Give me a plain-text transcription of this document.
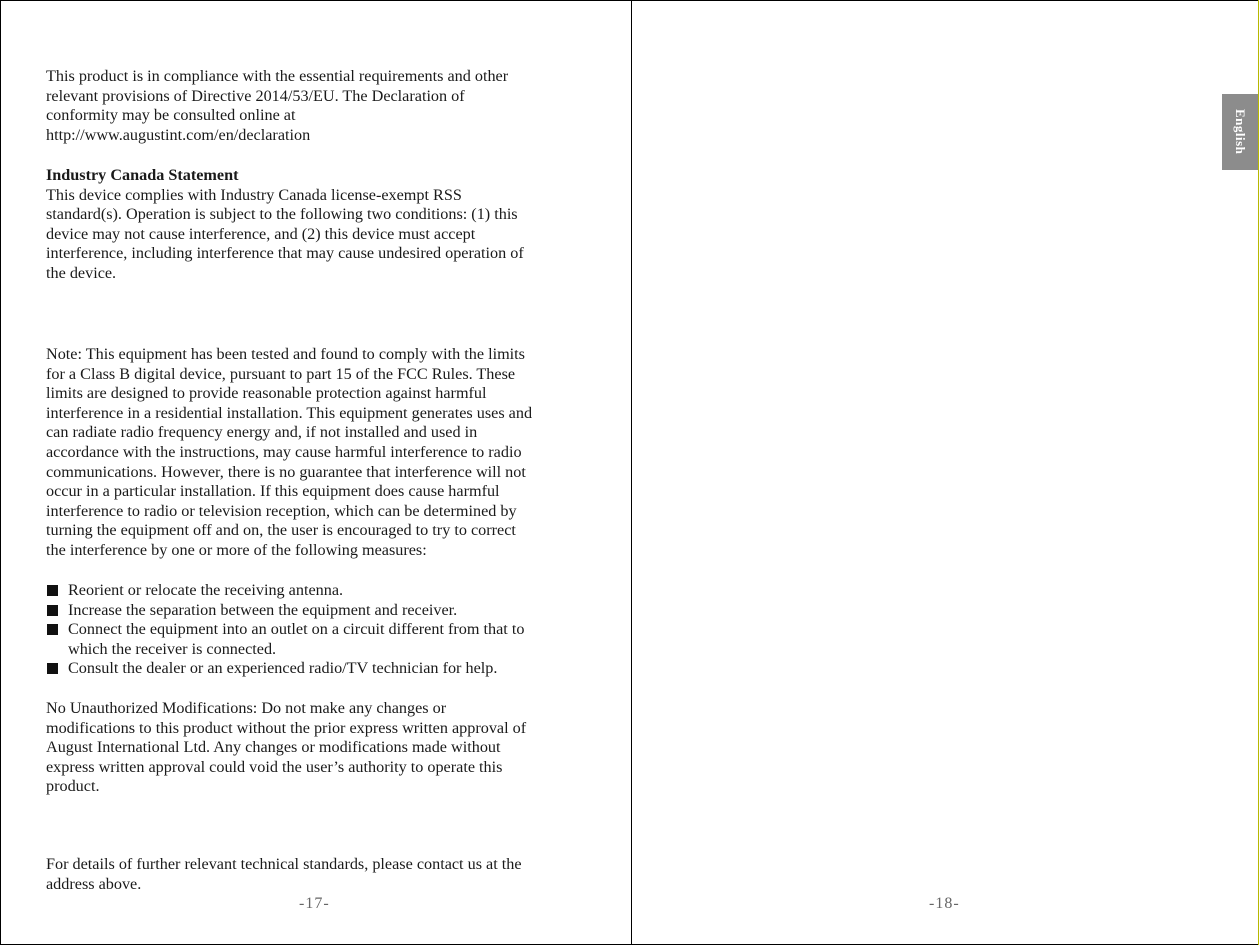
This product is in compliance with the essential requirements and other
relevant provisions of Directive 2014/53/EU. The Declaration of
conformity may be consulted online at
http://www.augustint.com/en/declaration
Industry Canada Statement
This device complies with Industry Canada license-exempt RSS
standard(s). Operation is subject to the following two conditions: (1) this
device may not cause interference, and (2) this device must accept
interference, including interference that may cause undesired operation of
the device.
Note: This equipment has been tested and found to comply with the limits
for a Class B digital device, pursuant to part 15 of the FCC Rules. These
limits are designed to provide reasonable protection against harmful
interference in a residential installation. This equipment generates uses and
can radiate radio frequency energy and, if not installed and used in
accordance with the instructions, may cause harmful interference to radio
communications. However, there is no guarantee that interference will not
occur in a particular installation. If this equipment does cause harmful
interference to radio or television reception, which can be determined by
turning the equipment off and on, the user is encouraged to try to correct
the interference by one or more of the following measures:
Reorient or relocate the receiving antenna.
Increase the separation between the equipment and receiver.
Connect the equipment into an outlet on a circuit different from that to
which the receiver is connected.
Consult the dealer or an experienced radio/TV technician for help.
No Unauthorized Modifications: Do not make any changes or
modifications to this product without the prior express written approval of
August International Ltd. Any changes or modifications made without
express written approval could void the user’s authority to operate this
product.
For details of further relevant technical standards, please contact us at the
address above.
-17-	-18-
English
